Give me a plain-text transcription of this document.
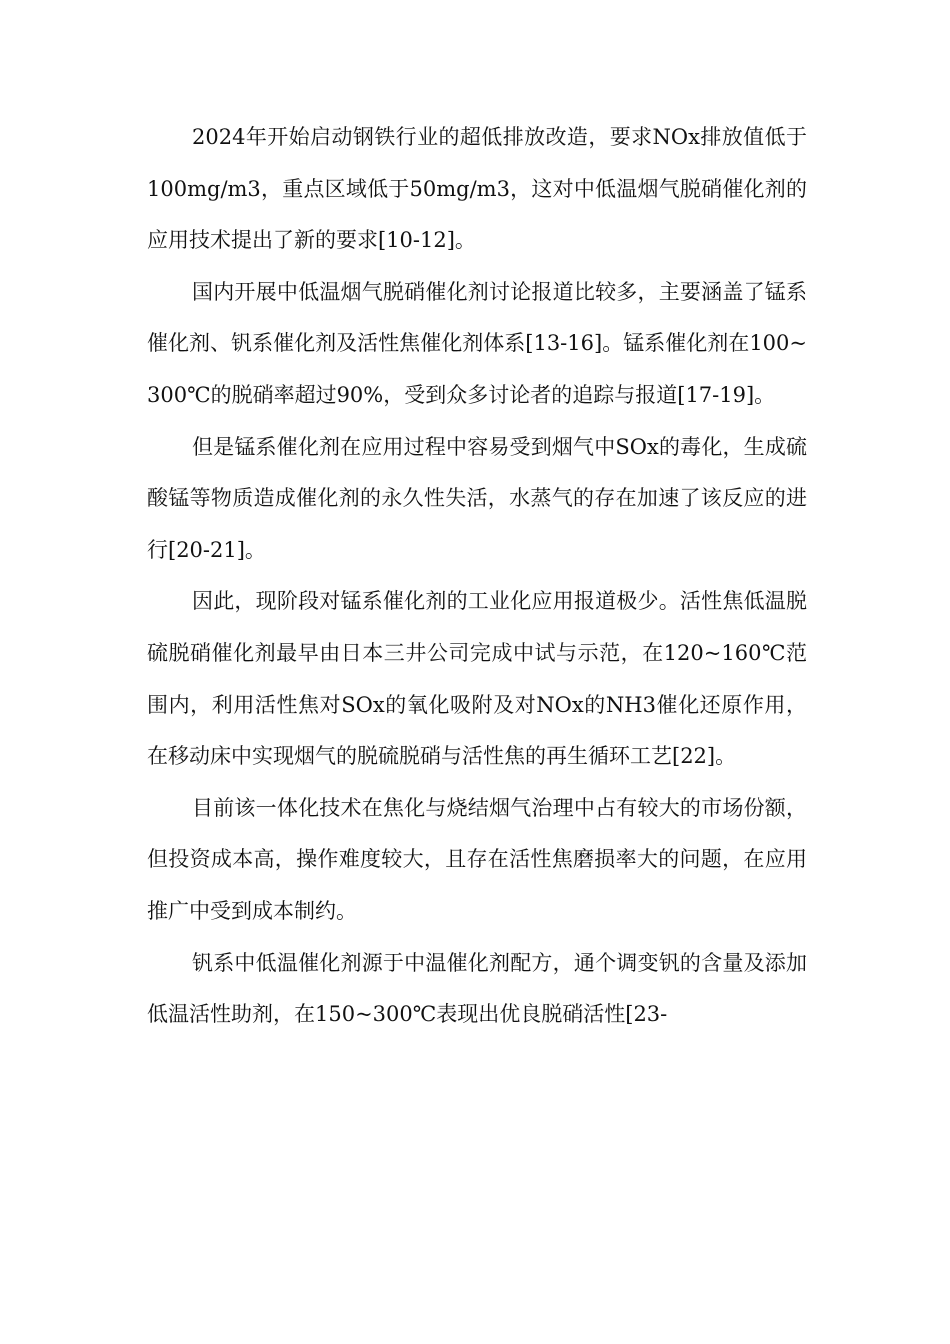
2024年开始启动钢铁行业的超低排放改造，要求NOx排放值低于100mg/m3，重点区域低于50mg/m3，这对中低温烟气脱硝催化剂的应用技术提出了新的要求[10-12]。

国内开展中低温烟气脱硝催化剂讨论报道比较多，主要涵盖了锰系催化剂、钒系催化剂及活性焦催化剂体系[13-16]。锰系催化剂在100~300℃的脱硝率超过90%，受到众多讨论者的追踪与报道[17-19]。

但是锰系催化剂在应用过程中容易受到烟气中SOx的毒化，生成硫酸锰等物质造成催化剂的永久性失活，水蒸气的存在加速了该反应的进行[20-21]。

因此，现阶段对锰系催化剂的工业化应用报道极少。活性焦低温脱硫脱硝催化剂最早由日本三井公司完成中试与示范，在120~160℃范围内，利用活性焦对SOx的氧化吸附及对NOx的NH3催化还原作用，在移动床中实现烟气的脱硫脱硝与活性焦的再生循环工艺[22]。

目前该一体化技术在焦化与烧结烟气治理中占有较大的市场份额，但投资成本高，操作难度较大，且存在活性焦磨损率大的问题，在应用推广中受到成本制约。

钒系中低温催化剂源于中温催化剂配方，通个调变钒的含量及添加低温活性助剂，在150~300℃表现出优良脱硝活性[23-
